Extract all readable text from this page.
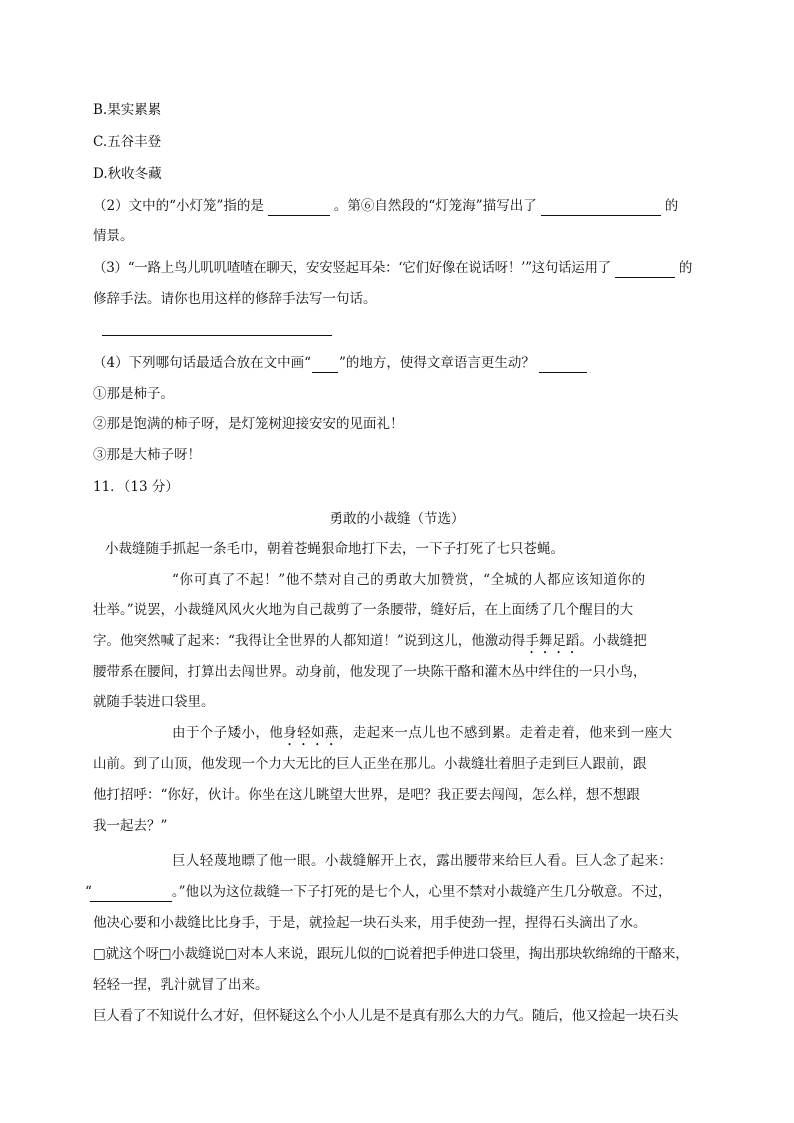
B.果实累累
C.五谷丰登
D.秋收冬藏
（2）文中的“小灯笼”指的是	。第⑥自然段的“灯笼海”描写出了	的
情景。
（3）“一路上鸟儿叽叽喳喳在聊天，安安竖起耳朵：‘它们好像在说话呀！’”这句话运用了	的
修辞手法。请你也用这样的修辞手法写一句话。
（4）下列哪句话最适合放在文中画“ ”的地方，使得文章语言更生动？
①那是柿子。
②那是饱满的柿子呀，是灯笼树迎接安安的见面礼！
③那是大柿子呀！
11．（13 分）
勇敢的小裁缝（节选）
小裁缝随手抓起一条毛巾，朝着苍蝇狠命地打下去，一下子打死了七只苍蝇。
“你可真了不起！”他不禁对自己的勇敢大加赞赏，“全城的人都应该知道你的
壮举。”说罢，小裁缝风风火火地为自己裁剪了一条腰带，缝好后，在上面绣了几个醒目的大
字。他突然喊了起来：“我得让全世界的人都知道！”说到这儿，他激动得手舞足蹈。小裁缝把
腰带系在腰间，打算出去闯世界。动身前，他发现了一块陈干酪和灌木丛中绊住的一只小鸟，
就随手装进口袋里。
由于个子矮小，他身轻如燕，走起来一点儿也不感到累。走着走着，他来到一座大
山前。到了山顶，他发现一个力大无比的巨人正坐在那儿。小裁缝壮着胆子走到巨人跟前，跟
他打招呼：“你好，伙计。你坐在这儿眺望大世界，是吧？我正要去闯闯，怎么样，想不想跟
我一起去？”
巨人轻蔑地瞟了他一眼。小裁缝解开上衣，露出腰带来给巨人看。巨人念了起来：
“	。”他以为这位裁缝一下子打死的是七个人，心里不禁对小裁缝产生几分敬意。不过，
他决心要和小裁缝比比身手，于是，就捡起一块石头来，用手使劲一捏，捏得石头滴出了水。
□就这个呀□小裁缝说□对本人来说，跟玩儿似的□说着把手伸进口袋里，掏出那块软绵绵的干酪来，
轻轻一捏，乳汁就冒了出来。
巨人看了不知说什么才好，但怀疑这么个小人儿是不是真有那么大的力气。随后，他又捡起一块石头
